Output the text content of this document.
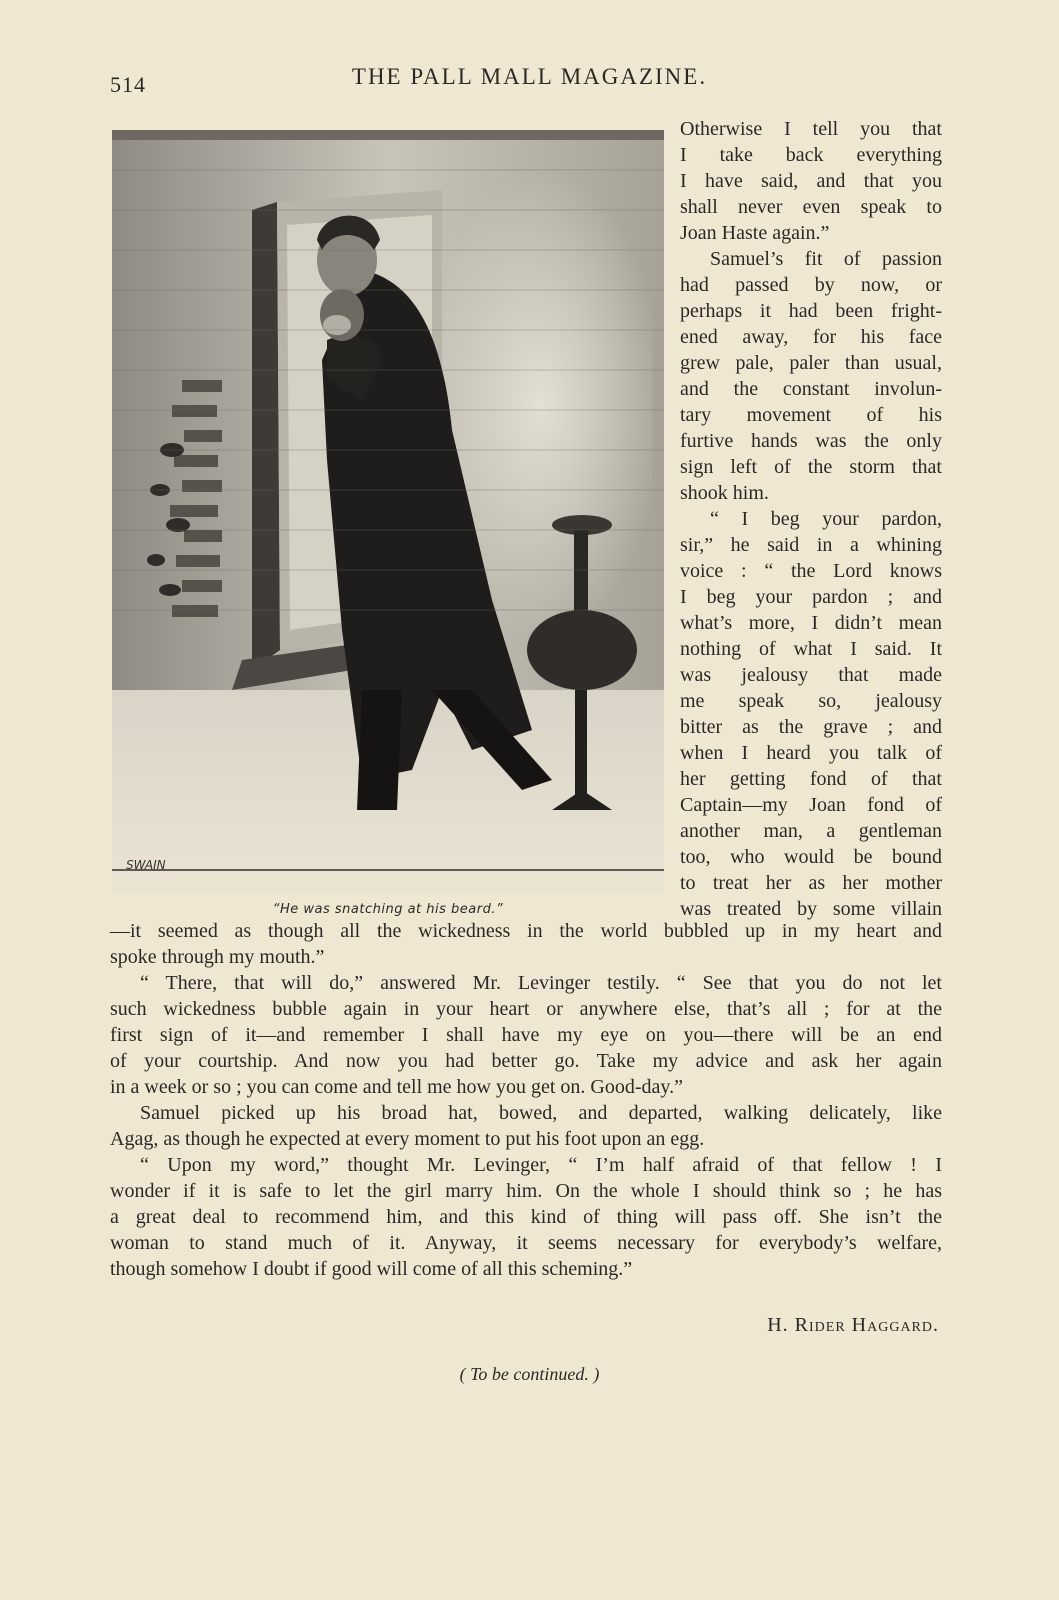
514	THE PALL MALL MAGAZINE.
SWAIN
“He was snatching at his beard.”
Otherwise I tell you that
I take back everything
I have said, and that you
shall never even speak to
Joan Haste again.”
Samuel’s fit of passion
had passed by now, or
perhaps it had been fright-
ened away, for his face
grew pale, paler than usual,
and the constant involun-
tary movement of his
furtive hands was the only
sign left of the storm that
shook him.
“ I beg your pardon,
sir,” he said in a whining
voice : “ the Lord knows
I beg your pardon ; and
what’s more, I didn’t mean
nothing of what I said. It
was jealousy that made
me speak so, jealousy
bitter as the grave ; and
when I heard you talk of
her getting fond of that
Captain—my Joan fond of
another man, a gentleman
too, who would be bound
to treat her as her mother
was treated by some villain
—it seemed as though all the wickedness in the world bubbled up in my heart and
spoke through my mouth.”
“ There, that will do,” answered Mr. Levinger testily. “ See that you do not let
such wickedness bubble again in your heart or anywhere else, that’s all ; for at the
first sign of it—and remember I shall have my eye on you—there will be an end
of your courtship. And now you had better go. Take my advice and ask her again
in a week or so ; you can come and tell me how you get on. Good-day.”
Samuel picked up his broad hat, bowed, and departed, walking delicately, like
Agag, as though he expected at every moment to put his foot upon an egg.
“ Upon my word,” thought Mr. Levinger, “ I’m half afraid of that fellow ! I
wonder if it is safe to let the girl marry him. On the whole I should think so ; he has
a great deal to recommend him, and this kind of thing will pass off. She isn’t the
woman to stand much of it. Anyway, it seems necessary for everybody’s welfare,
though somehow I doubt if good will come of all this scheming.”
H. Rider Haggard.
( To be continued. )
